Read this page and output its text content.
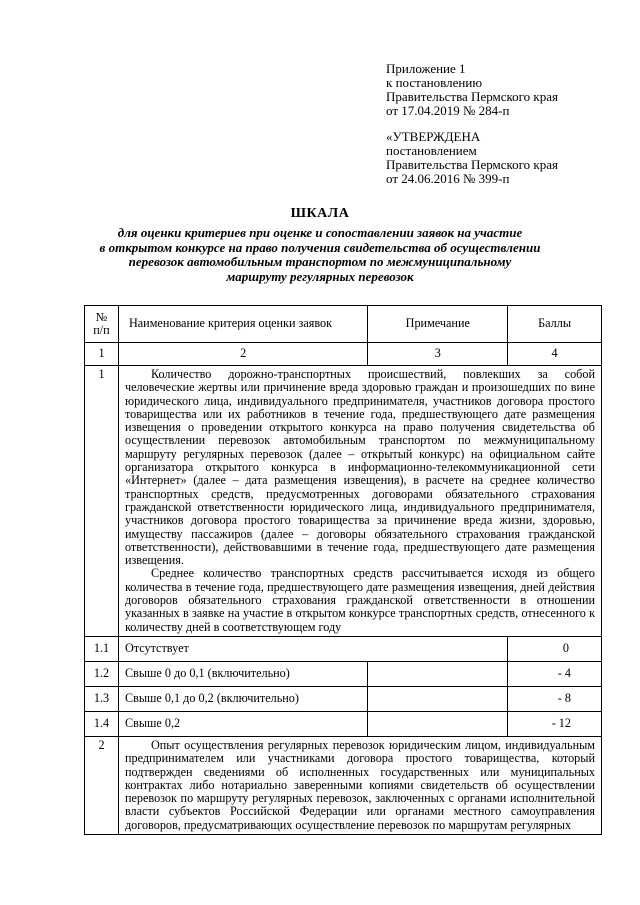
Приложение 1
к постановлению
Правительства Пермского края
от 17.04.2019 № 284-п
«УТВЕРЖДЕНА
постановлением
Правительства Пермского края
от 24.06.2016 № 399-п
ШКАЛА
для оценки критериев при оценке и сопоставлении заявок на участие
в открытом конкурсе на право получения свидетельства об осуществлении
перевозок автомобильным транспортом по межмуниципальному
маршруту регулярных перевозок
№ п/п	Наименование критерия оценки заявок	Примечание	Баллы
1	2	3	4
1	Количество дорожно-транспортных происшествий, повлекших за собой человеческие жертвы или причинение вреда здоровью граждан и произошедших по вине юридического лица, индивидуального предпринимателя, участников договора простого товарищества или их работников в течение года, предшествующего дате размещения извещения о проведении открытого конкурса на право получения свидетельства об осуществлении перевозок автомобильным транспортом по межмуниципальному маршруту регулярных перевозок (далее – открытый конкурс) на официальном сайте организатора открытого конкурса в информационно-телекоммуникационной сети «Интернет» (далее – дата размещения извещения), в расчете на среднее количество транспортных средств, предусмотренных договорами обязательного страхования гражданской ответственности юридического лица, индивидуального предпринимателя, участников договора простого товарищества за причинение вреда жизни, здоровью, имуществу пассажиров (далее – договоры обязательного страхования гражданской ответственности), действовавшими в течение года, предшествующего дате размещения извещения.

Среднее количество транспортных средств рассчитывается исходя из общего количества в течение года, предшествующего дате размещения извещения, дней действия договоров обязательного страхования гражданской ответственности в отношении указанных в заявке на участие в открытом конкурсе транспортных средств, отнесенного к количеству дней в соответствующем году		

1.1	Отсутствует		0
1.2	Свыше 0 до 0,1 (включительно)		- 4
1.3	Свыше 0,1 до 0,2 (включительно)		- 8
1.4	Свыше 0,2		- 12
2	Опыт осуществления регулярных перевозок юридическим лицом, индивидуальным предпринимателем или участниками договора простого товарищества, который подтвержден сведениями об исполненных государственных или муниципальных контрактах либо нотариально заверенными копиями свидетельств об осуществлении перевозок по маршруту регулярных перевозок, заключенных с органами исполнительной власти субъектов Российской Федерации или органами местного самоуправления договоров, предусматривающих осуществление перевозок по маршрутам регулярных		
